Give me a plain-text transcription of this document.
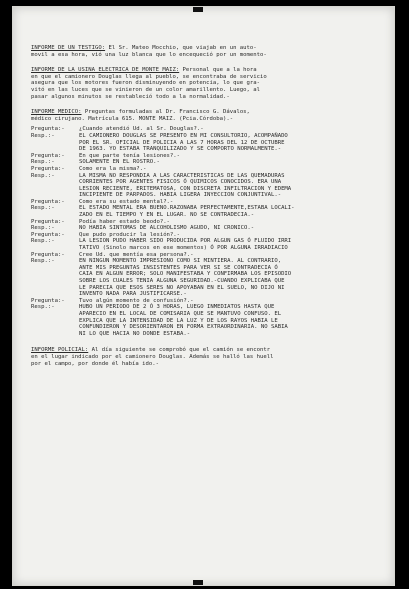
INFORME DE UN TESTIGO: El Sr. Mateo Mocchio, que viajab en un auto-

movil a esa hora, vió una luz blanca que lo encequeció por un momento-

INFORME DE LA USINA ELECTRICA DE MONTE MAIZ: Personal que a la hora

en que el camionero Douglas llega al pueblo, se encontraba de servicio

asegura que los motores fueron disminuyendo en potencia, lo que gra-

vitó en las luces que se vinieron de un color amarillento. Luego, al

pasar algunos minutos se restableció todo a la normalidad.-

INFORME MEDICO: Preguntas formuladas al Dr. Francisco G. Dávalos,

médico cirujano. Matrícula 615. MONTE MAIZ. (Pcia.Córdoba).-

Pregunta:-	¿Cuando atendió Ud. al Sr. Douglas?.-
Resp.:-	EL CAMIONERO DOUGLAS SE PRESENTO EN MI CONSULTORIO, ACOMPAÑADO
POR EL SR. OFICIAL DE POLICIA A LAS 7 HORAS DEL 12 DE OCTUBRE
DE 1963. YO ESTABA TRANQUILIZADO Y SE COMPORTO NORMALMENTE.-
Pregunta:-	En que parte tenía lesiones?.-
Resp.:-	SOLAMENTE EN EL ROSTRO.-
Pregunta:-	Como era la misma?.-
Resp.:-	LA MISMA NO RESPONDIA A LAS CARACTERISTICAS DE LAS QUEMADURAS
CORRIENTES POR AGENTES FISICOS Ó QUIMICOS CONOCIDOS. ERA UNA
LESION RECIENTE, ERITEMATOSA, CON DISCRETA INFILTRACION Y EDEMA
INCIPIENTE DE PARPADOS. HABIA LIGERA INYECCION CONJUNTIVAL.-
Pregunta:-	Como era su estado mental?.-
Resp.:-	EL ESTADO MENTAL ERA BUENO.RAZONABA PERFECTAMENTE,ESTABA LOCALI-
ZADO EN EL TIEMPO Y EN EL LUGAR. NO SE CONTRADECIA.-
Pregunta:-	Podía haber estado beodo?.-
Resp.:-	NO HABIA SINTOMAS DE ALCOHOLISMO AGUDO, NI CRONICO.-
Pregunta:-	Que pudo producir la lesión?.-
Resp.:-	LA LESION PUDO HABER SIDO PRODUCIDA POR ALGUN GAS Ó FLUIDO IRRI
TATIVO (Sinolo marcos en ese momentos) Ó POR ALGUNA IRRADIACIO
Pregunta:-	Cree Ud. que mentía esa persona?.-
Resp.:-	EN NINGUN MOMENTO IMPRESIONO COMO SI MINTIERA. AL CONTRARIO,
ANTE MIS PREGUNTAS INSISTENTES PARA VER SI SE CONTRADECIA Ó
CAIA EN ALGUN ERROR; SOLO MANIFESTABA Y CONFIRMABA LOS EPISODIO
SOBRE LOS CUALES TENIA ALGUNA SEGURIDAD.-CUANDO EXPLICABA QUE
LE PARECIA QUE ESOS SERES NO APOYABAN EN EL SUELO, NO DIJO NI
INVENTO NADA PARA JUSTIFICARSE.-
Pregunta:-	Tuvo algún momento de confusión?.-
Resp.:-	HUBO UN PERIODO DE 2 Ó 3 HORAS, LUEGO INMEDIATOS HASTA QUE
APARECIO EN EL LOCAL DE COMISARIA QUE SE MANTUVO CONFUSO. EL
EXPLICA QUE LA INTENSIDAD DE LA LUZ Y DE LOS RAYOS HABIA LE
CONFUNDIERON Y DESORIENTARON EN FORMA EXTRAORDINARIA. NO SABIA
NI LO QUE HACIA NO DONDE ESTABA.-

INFORME POLICIAL: Al día siguiente se comprobó que el camión se encontr

en el lugar indicado por el camionero Douglas. Además se halló las huell

por el campo, por donde él había ido.-
